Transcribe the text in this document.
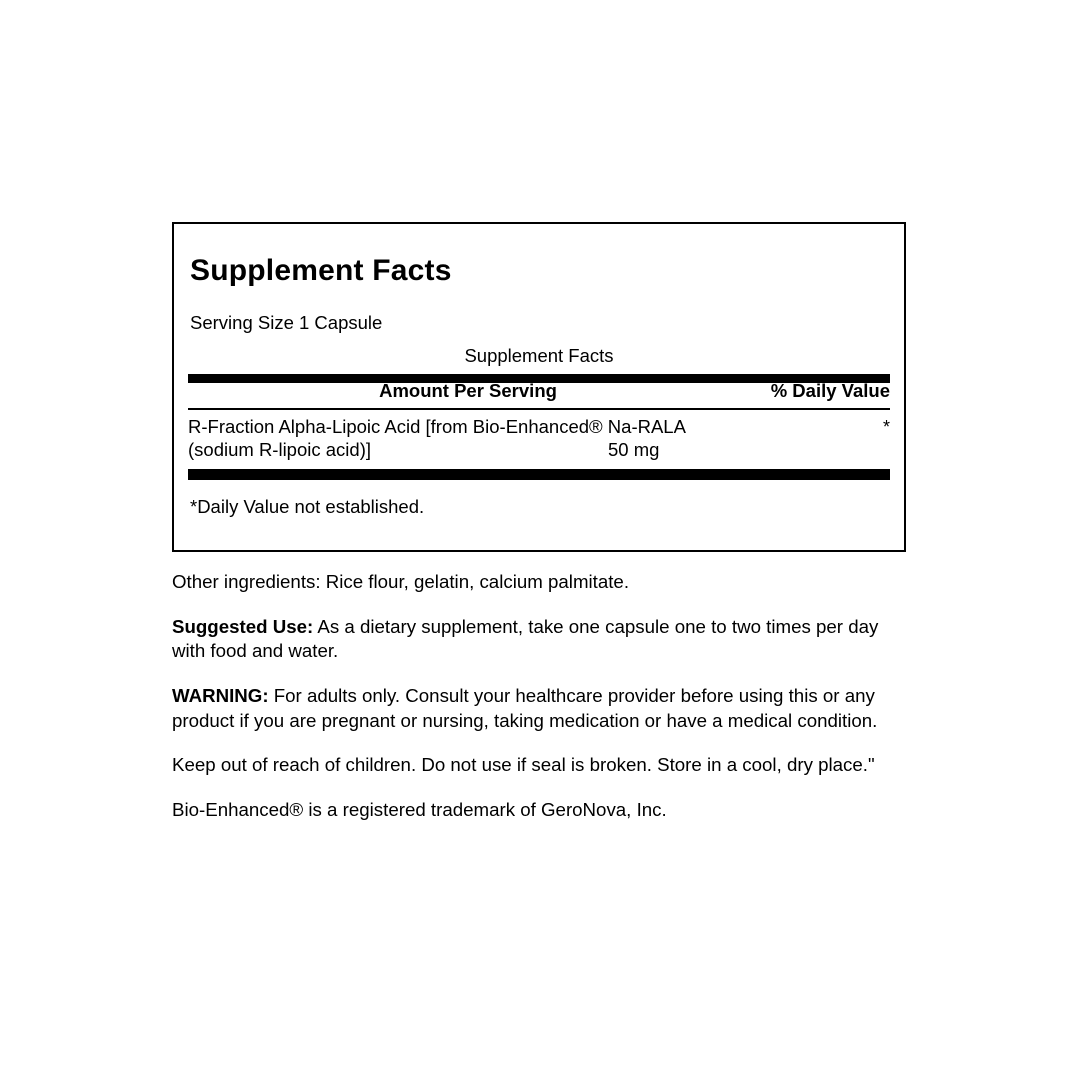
Supplement Facts
Serving Size 1 Capsule
Supplement Facts
Amount Per Serving	% Daily Value
R-Fraction Alpha-Lipoic Acid [from Bio-Enhanced® Na-RALA (sodium R-lipoic acid)]	50 mg
*
*Daily Value not established.

Other ingredients: Rice flour, gelatin, calcium palmitate.

Suggested Use: As a dietary supplement, take one capsule one to two times per day with food and water.

WARNING: For adults only. Consult your healthcare provider before using this or any product if you are pregnant or nursing, taking medication or have a medical condition.

Keep out of reach of children. Do not use if seal is broken. Store in a cool, dry place."

Bio-Enhanced® is a registered trademark of GeroNova, Inc.
